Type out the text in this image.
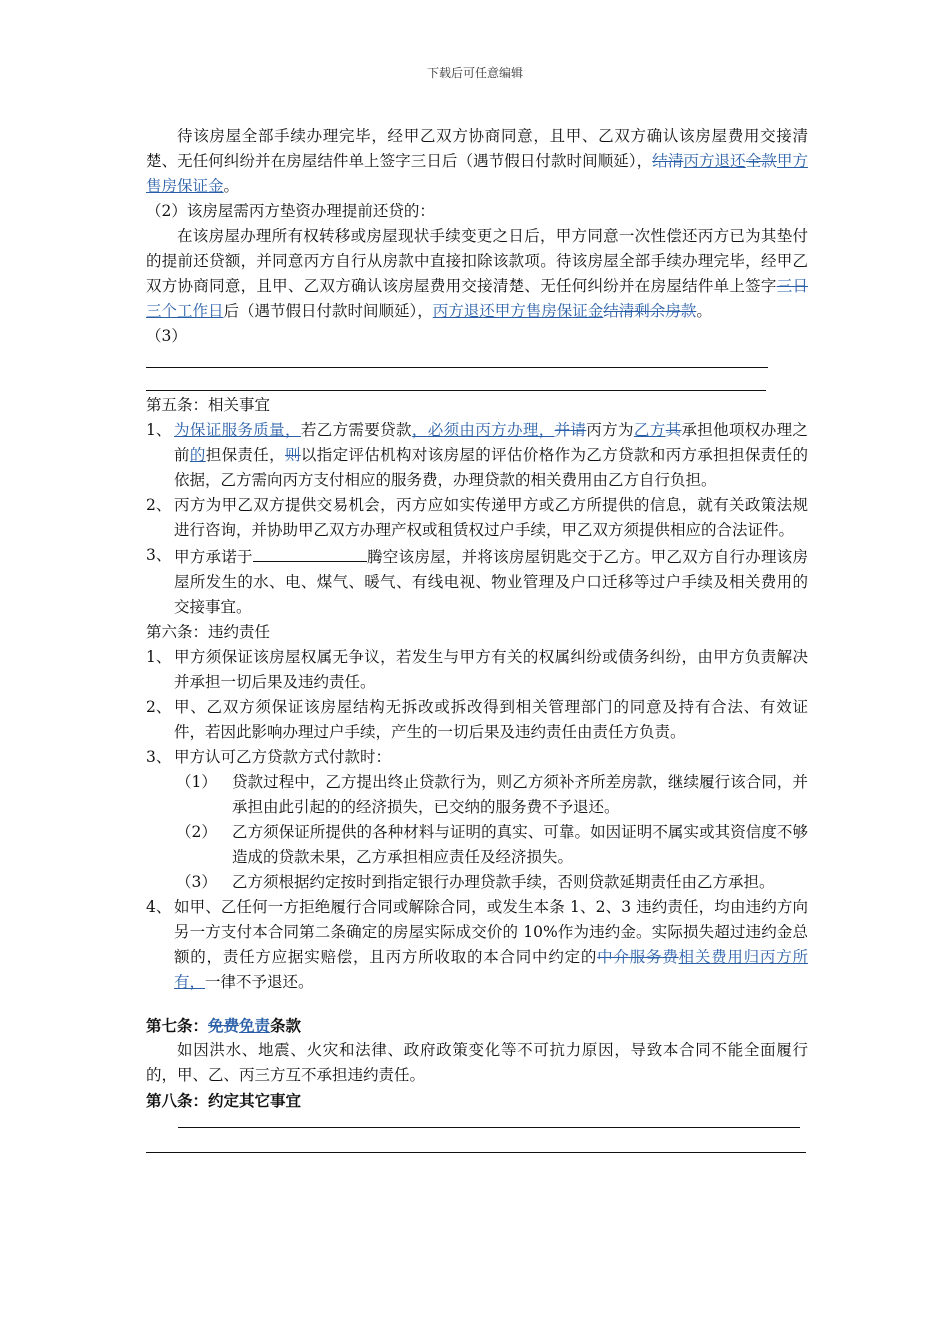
下载后可任意编辑

待该房屋全部手续办理完毕，经甲乙双方协商同意，且甲、乙双方确认该房屋费用交接清楚、无任何纠纷并在房屋结件单上签字三日后（遇节假日付款时间顺延），结清丙方退还全款甲方售房保证金。

（2）该房屋需丙方垫资办理提前还贷的：

在该房屋办理所有权转移或房屋现状手续变更之日后，甲方同意一次性偿还丙方已为其垫付的提前还贷额，并同意丙方自行从房款中直接扣除该款项。待该房屋全部手续办理完毕，经甲乙双方协商同意，且甲、乙双方确认该房屋费用交接清楚、无任何纠纷并在房屋结件单上签字三日三个工作日后（遇节假日付款时间顺延），丙方退还甲方售房保证金结清剩余房款。

（3）

第五条：相关事宜

1、 为保证服务质量，若乙方需要贷款，必须由丙方办理，并请丙方为乙方其承担他项权办理之前的担保责任，则以指定评估机构对该房屋的评估价格作为乙方贷款和丙方承担担保责任的依据，乙方需向丙方支付相应的服务费，办理贷款的相关费用由乙方自行负担。
2、 丙方为甲乙双方提供交易机会，丙方应如实传递甲方或乙方所提供的信息，就有关政策法规进行咨询，并协助甲乙双方办理产权或租赁权过户手续，甲乙双方须提供相应的合法证件。
3、 甲方承诺于	腾空该房屋，并将该房屋钥匙交于乙方。甲乙双方自行办理该房屋所发生的水、电、煤气、暖气、有线电视、物业管理及户口迁移等过户手续及相关费用的交接事宜。

第六条：违约责任

1、 甲方须保证该房屋权属无争议，若发生与甲方有关的权属纠纷或债务纠纷，由甲方负责解决并承担一切后果及违约责任。
2、 甲、乙双方须保证该房屋结构无拆改或拆改得到相关管理部门的同意及持有合法、有效证件，若因此影响办理过户手续，产生的一切后果及违约责任由责任方负责。
3、 甲方认可乙方贷款方式付款时：
（1） 贷款过程中，乙方提出终止贷款行为，则乙方须补齐所差房款，继续履行该合同，并承担由此引起的的经济损失，已交纳的服务费不予退还。
（2） 乙方须保证所提供的各种材料与证明的真实、可靠。如因证明不属实或其资信度不够造成的贷款未果，乙方承担相应责任及经济损失。
（3） 乙方须根据约定按时到指定银行办理贷款手续，否则贷款延期责任由乙方承担。
4、 如甲、乙任何一方拒绝履行合同或解除合同，或发生本条 1、2、3 违约责任，均由违约方向另一方支付本合同第二条确定的房屋实际成交价的 10%作为违约金。实际损失超过违约金总额的，责任方应据实赔偿，且丙方所收取的本合同中约定的中介服务费相关费用归丙方所有，一律不予退还。

第七条：免费免责条款

如因洪水、地震、火灾和法律、政府政策变化等不可抗力原因，导致本合同不能全面履行的，甲、乙、丙三方互不承担违约责任。

第八条：约定其它事宜
